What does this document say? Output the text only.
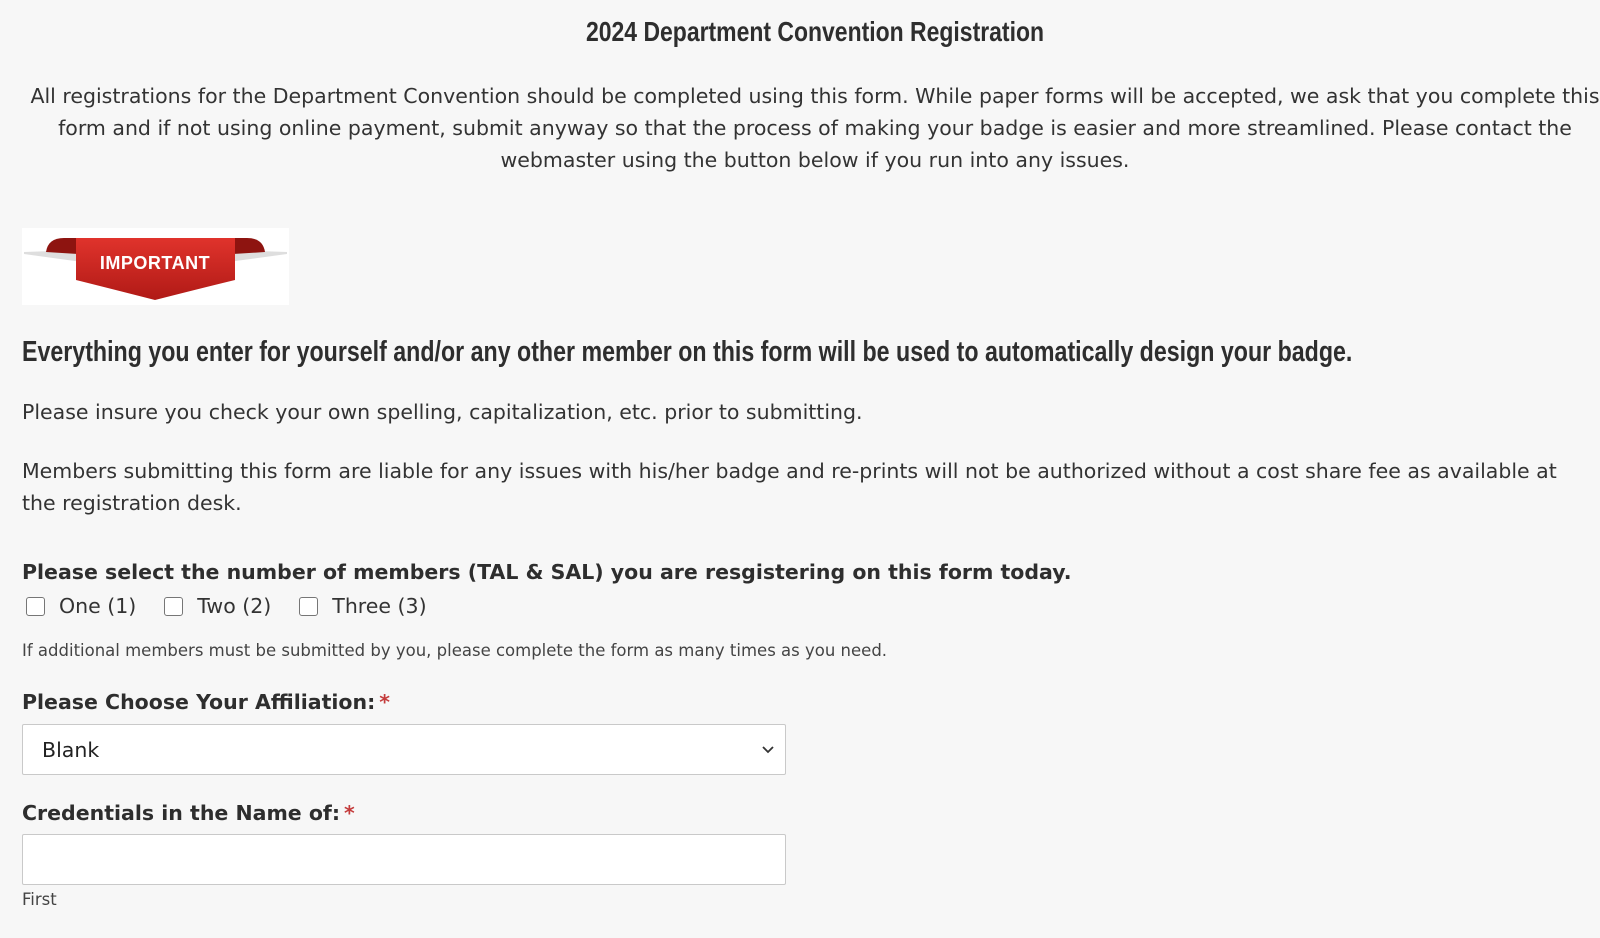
2024 Department Convention Registration
All registrations for the Department Convention should be completed using this form. While paper forms will be accepted, we ask that you complete this form and if not using online payment, submit anyway so that the process of making your badge is easier and more streamlined. Please contact the webmaster using the button below if you run into any issues.
IMPORTANT
Everything you enter for yourself and/or any other member on this form will be used to automatically design your badge.
Please insure you check your own spelling, capitalization, etc. prior to submitting.
Members submitting this form are liable for any issues with his/her badge and re-prints will not be authorized without a cost share fee as available at the registration desk.
Please select the number of members (TAL & SAL) you are resgistering on this form today.
One (1)	Two (2)	Three (3)
If additional members must be submitted by you, please complete the form as many times as you need.
Please Choose Your Affiliation: *
Blank
Credentials in the Name of: *
First
